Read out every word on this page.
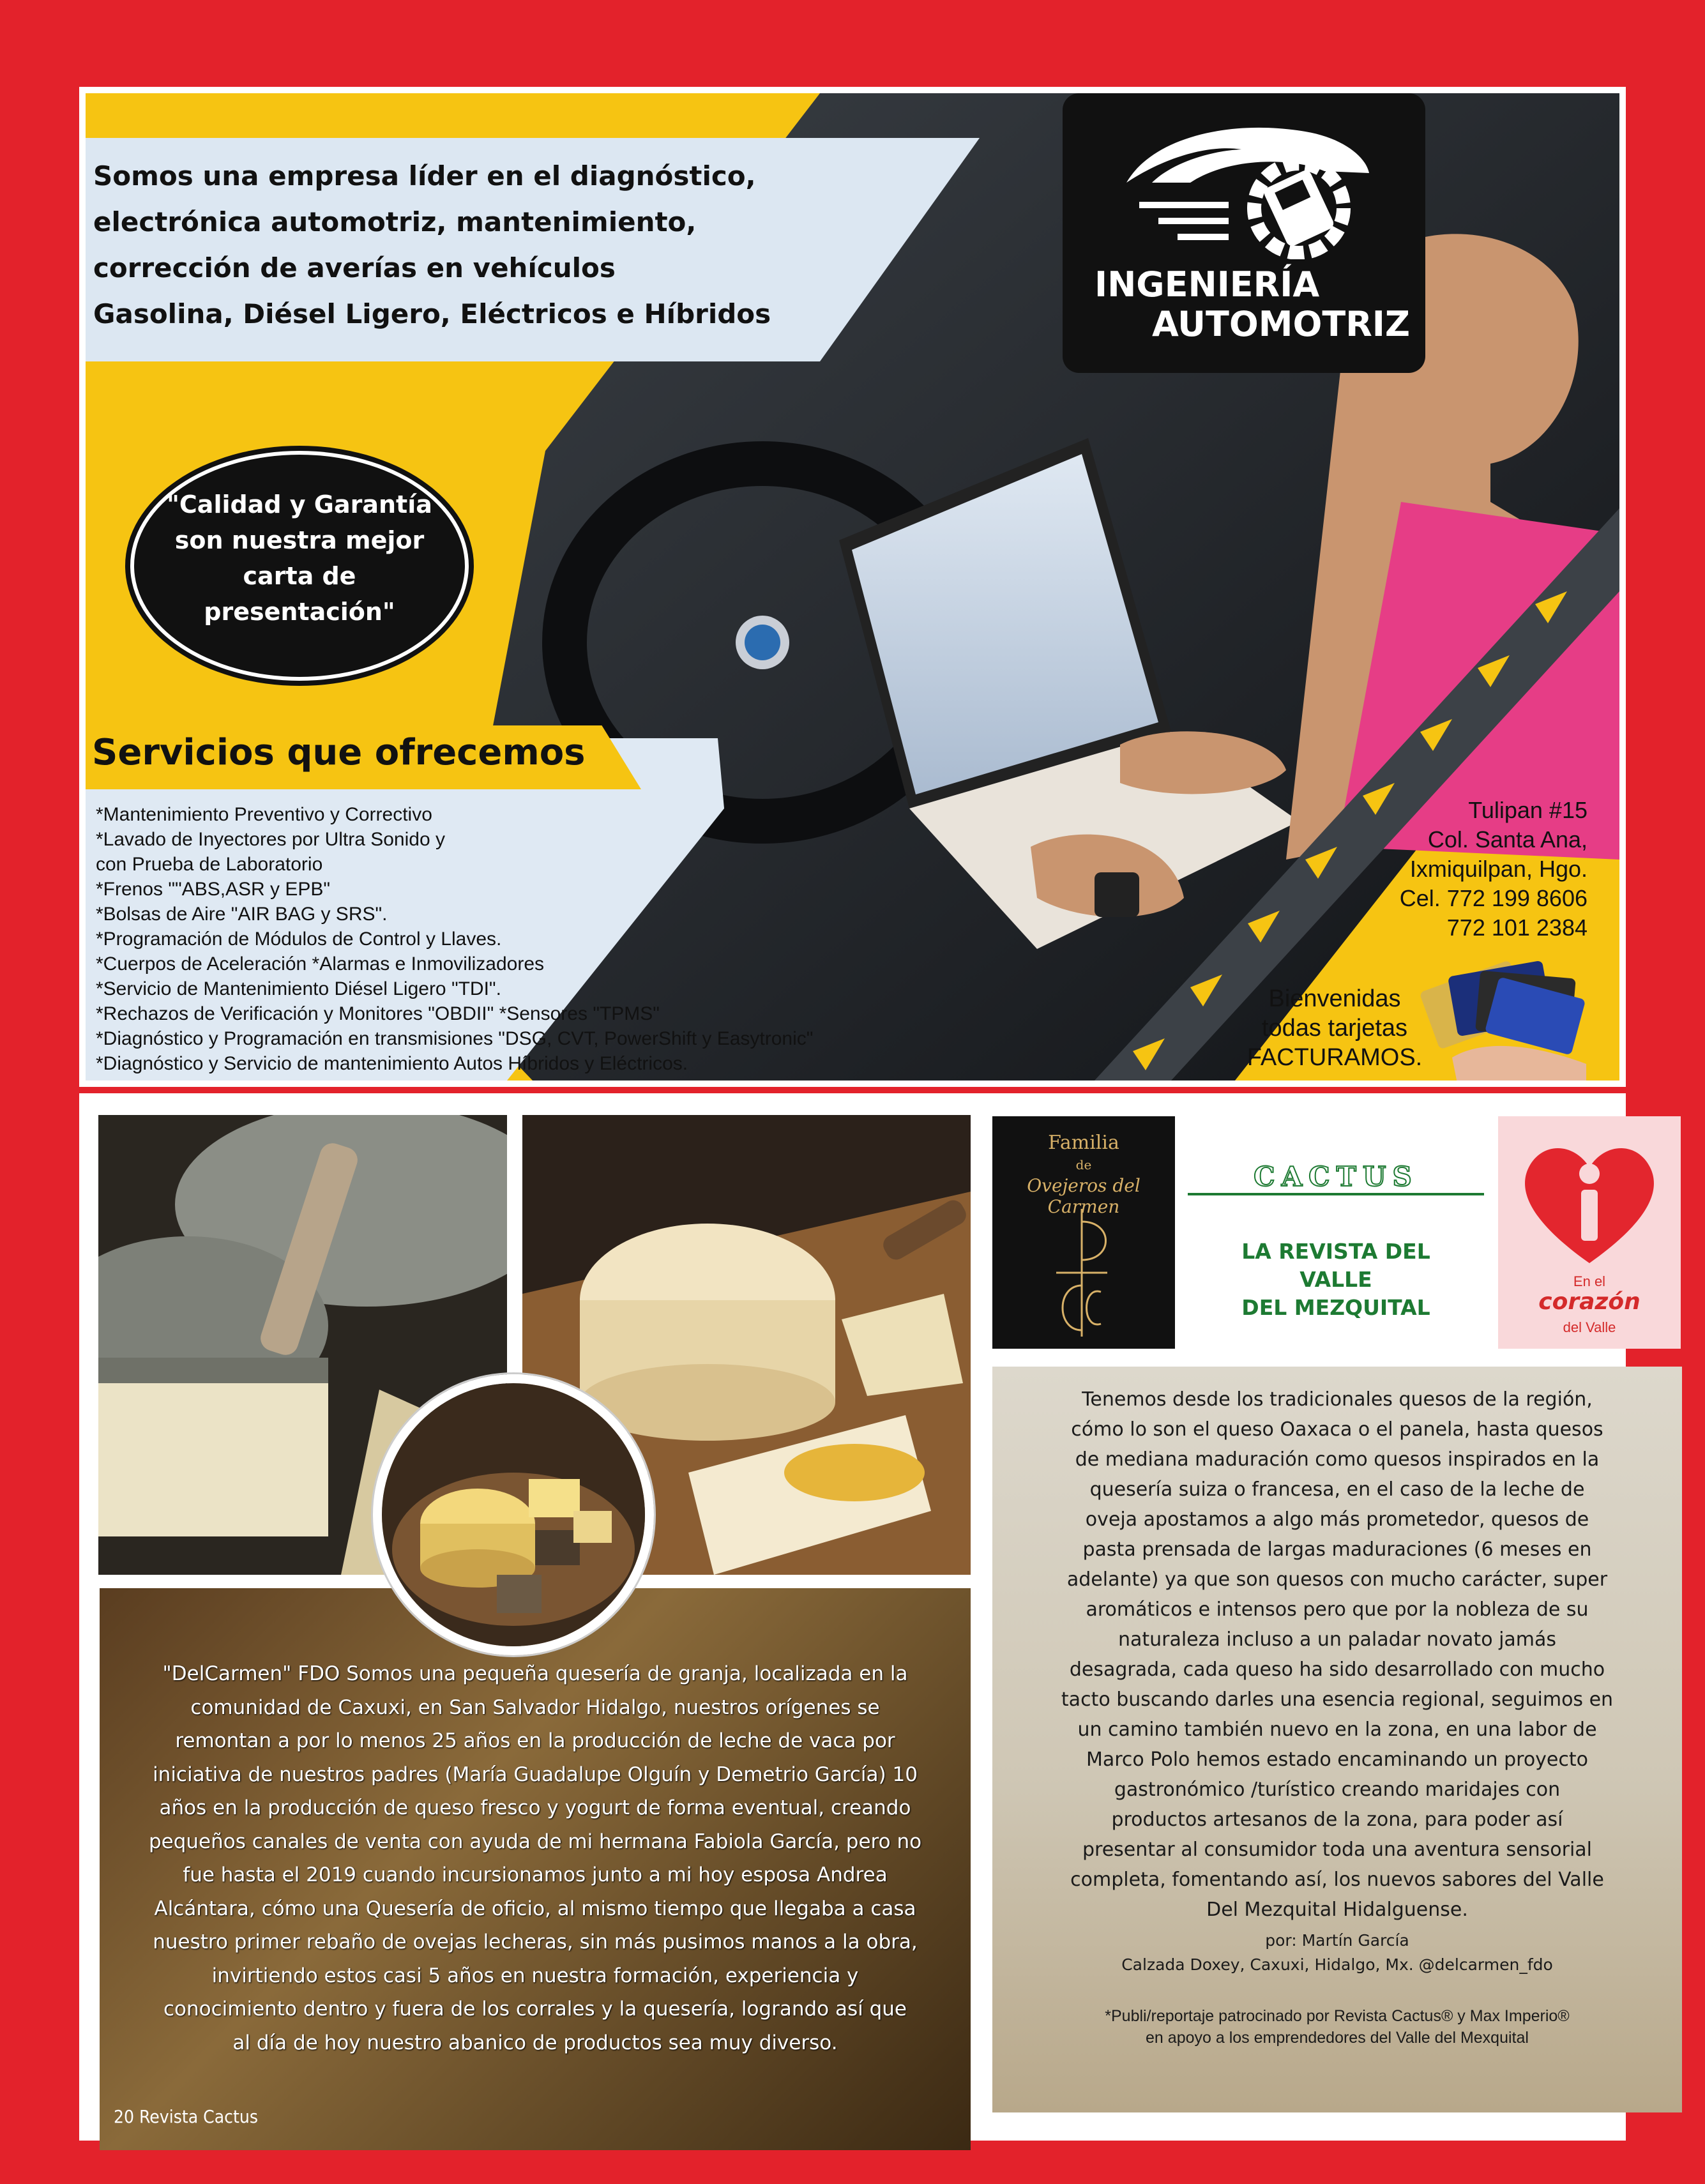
Somos una empresa líder en el diagnóstico,
electrónica automotriz, mantenimiento,
corrección de averías en vehículos
Gasolina, Diésel Ligero, Eléctricos e Híbridos
INGENIERÍA
AUTOMOTRIZ
"Calidad y Garantía
son nuestra mejor
carta de
presentación"
Servicios que ofrecemos
*Mantenimiento Preventivo y Correctivo
*Lavado de Inyectores por Ultra Sonido y
con Prueba de Laboratorio
*Frenos ""ABS,ASR y EPB"
*Bolsas de Aire "AIR BAG y SRS".
*Programación de Módulos de Control y Llaves.
*Cuerpos de Aceleración *Alarmas e Inmovilizadores
*Servicio de Mantenimiento Diésel Ligero "TDI".
*Rechazos de Verificación y Monitores "OBDII" *Sensores "TPMS"
*Diagnóstico y Programación en transmisiones "DSG, CVT, PowerShift y Easytronic"
*Diagnóstico y Servicio de mantenimiento Autos Híbridos y Eléctricos.
Tulipan #15
Col. Santa Ana,
Ixmiquilpan, Hgo.
Cel. 772 199 8606
772 101 2384
Bienvenidas
todas tarjetas
FACTURAMOS.
"DelCarmen" FDO Somos una pequeña quesería de granja, localizada en la
comunidad de Caxuxi, en San Salvador Hidalgo, nuestros orígenes se
remontan a por lo menos 25 años en la producción de leche de vaca por
iniciativa de nuestros padres (María Guadalupe Olguín y Demetrio García) 10
años en la producción de queso fresco y yogurt de forma eventual, creando
pequeños canales de venta con ayuda de mi hermana Fabiola García, pero no
fue hasta el 2019 cuando incursionamos junto a mi hoy esposa Andrea
Alcántara, cómo una Quesería de oficio, al mismo tiempo que llegaba a casa
nuestro primer rebaño de ovejas lecheras, sin más pusimos manos a la obra,
invirtiendo estos casi 5 años en nuestra formación, experiencia y
conocimiento dentro y fuera de los corrales y la quesería, logrando así que
al día de hoy nuestro abanico de productos sea muy diverso.
Familia
de
Ovejeros del Carmen
CACTUS
LA REVISTA DEL
VALLE
DEL MEZQUITAL
En el
corazón
del Valle
Tenemos desde los tradicionales quesos de la región,
cómo lo son el queso Oaxaca o el panela, hasta quesos
de mediana maduración como quesos inspirados en la
quesería suiza o francesa, en el caso de la leche de
oveja apostamos a algo más prometedor, quesos de
pasta prensada de largas maduraciones (6 meses en
adelante) ya que son quesos con mucho carácter, super
aromáticos e intensos pero que por la nobleza de su
naturaleza incluso a un paladar novato jamás
desagrada, cada queso ha sido desarrollado con mucho
tacto buscando darles una esencia regional, seguimos en
un camino también nuevo en la zona, en una labor de
Marco Polo hemos estado encaminando un proyecto
gastronómico /turístico creando maridajes con
productos artesanos de la zona, para poder así
presentar al consumidor toda una aventura sensorial
completa, fomentando así, los nuevos sabores del Valle
Del Mezquital Hidalguense.
por: Martín García
Calzada Doxey, Caxuxi, Hidalgo, Mx. @delcarmen_fdo
*Publi/reportaje patrocinado por Revista Cactus® y Max Imperio®
en apoyo a los emprendedores del Valle del Mexquital
20 Revista Cactus
